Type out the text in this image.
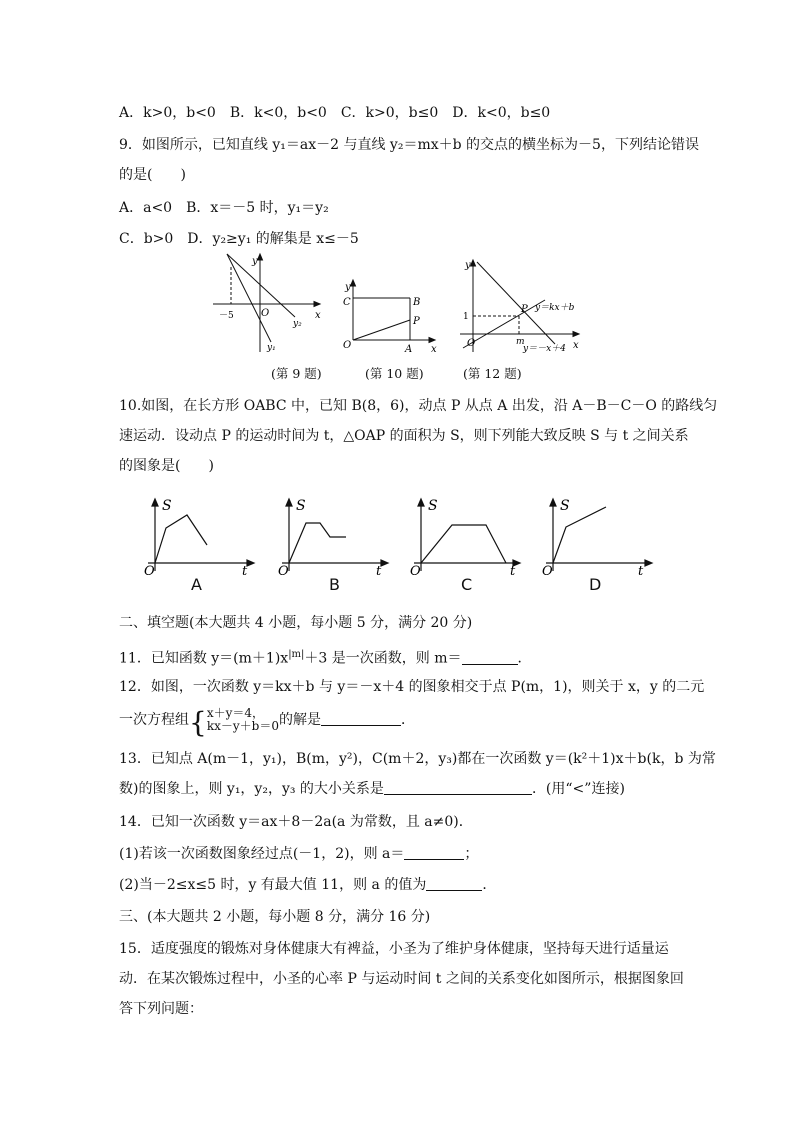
A．k>0，b<0　B．k<0，b<0　C．k>0，b≤0　D．k<0，b≤0
9．如图所示，已知直线 y₁＝ax－2 与直线 y₂＝mx＋b 的交点的横坐标为－5，下列结论错误
的是(　　)
A．a<0　B．x＝－5 时，y₁＝y₂
C．b>0　D．y₂≥y₁ 的解集是 x≤－5
y
x
O
－5
y₂
y₁
y
x
O	A
B
C
P
y
x
O
1
m
P y＝kx＋b
y＝－x＋4
(第 9 题)	(第 10 题)	(第 12 题)
10.如图，在长方形 OABC 中，已知 B(8，6)，动点 P 从点 A 出发，沿 A－B－C－O 的路线匀
速运动．设动点 P 的运动时间为 t，△OAP 的面积为 S，则下列能大致反映 S 与 t 之间关系
的图象是(　　)
S
O	t
A
S
O	t
B
S
O	t
C
S
O	t
D
二、填空题(本大题共 4 小题，每小题 5 分，满分 20 分)
11．已知函数 $y=(m+1)x^{|m|}+3$ 是一次函数，则 m＝	．
12．如图，一次函数 y＝kx＋b 与 y＝－x＋4 的图象相交于点 P(m，1)，则关于 x，y 的二元
一次方程组{ x＋y＝4，
kx－y＋b＝0 的解是	．
13．已知点 A(m－1，y₁)，B(m，y²)，C(m＋2，y₃)都在一次函数 y＝(k²＋1)x＋b(k，b 为常
数)的图象上，则 y₁，y₂，y₃ 的大小关系是	．(用“<”连接)
14．已知一次函数 y＝ax＋8－2a(a 为常数，且 a≠0)．
(1)若该一次函数图象经过点(－1，2)，则 a＝	；
(2)当－2≤x≤5 时，y 有最大值 11，则 a 的值为	．
三、(本大题共 2 小题，每小题 8 分，满分 16 分)
15．适度强度的锻炼对身体健康大有裨益，小圣为了维护身体健康，坚持每天进行适量运
动．在某次锻炼过程中，小圣的心率 P 与运动时间 t 之间的关系变化如图所示，根据图象回
答下列问题：
